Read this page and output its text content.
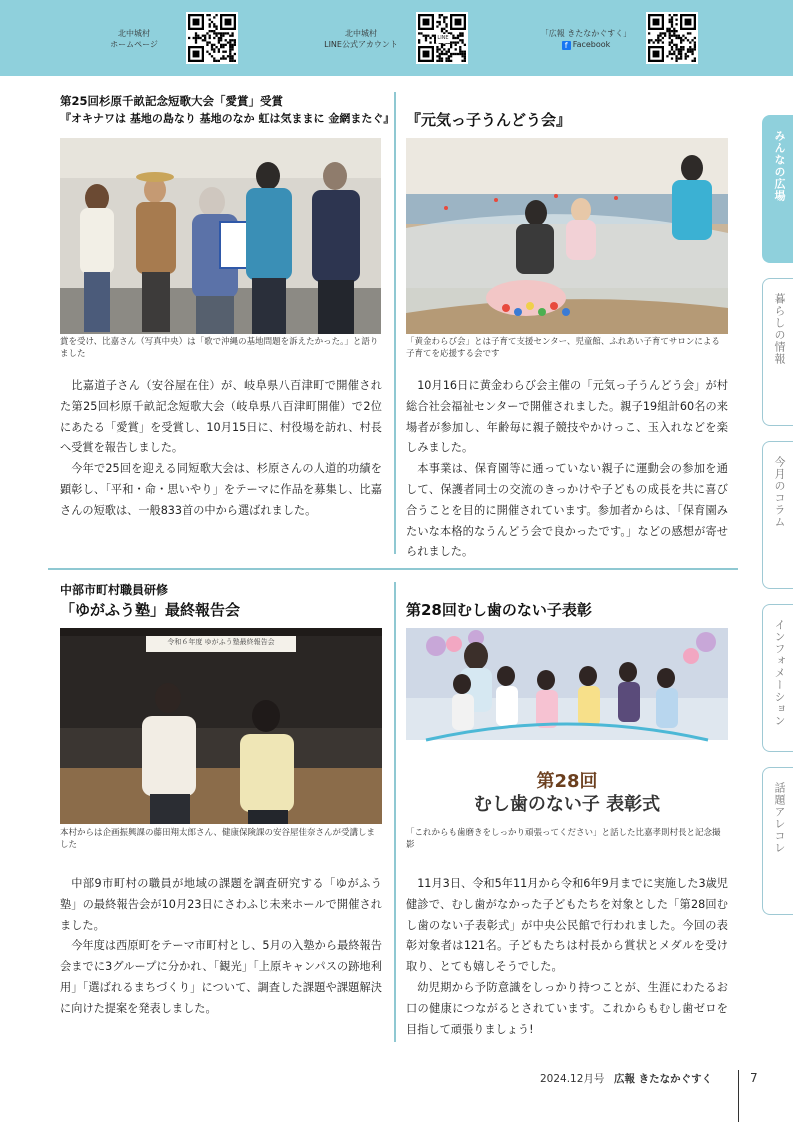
北中城村
ホームページ
北中城村
LINE公式アカウント
LINE	「広報 きたなかぐすく」
f Facebook
第25回杉原千畝記念短歌大会「愛賞」受賞
『オキナワは 基地の島なり 基地のなか 虹は気ままに 金網またぐ』
賞を受け、比嘉さん（写真中央）は「歌で沖縄の基地問題を訴えたかった。」と語りました

比嘉道子さん（安谷屋在住）が、岐阜県八百津町で開催された第25回杉原千畝記念短歌大会（岐阜県八百津町開催）で2位にあたる「愛賞」を受賞し、10月15日に、村役場を訪れ、村長へ受賞を報告しました。

今年で25回を迎える同短歌大会は、杉原さんの人道的功績を顕彰し、「平和・命・思いやり」をテーマに作品を募集し、比嘉さんの短歌は、一般833首の中から選ばれました。

『元気っ子うんどう会』
「黄金わらび会」とは子育て支援センター、児童館、ふれあい子育てサロンによる子育てを応援する会です

10月16日に黄金わらび会主催の「元気っ子うんどう会」が村総合社会福祉センターで開催されました。親子19組計60名の来場者が参加し、年齢毎に親子競技やかけっこ、玉入れなどを楽しみました。

本事業は、保育園等に通っていない親子に運動会の参加を通して、保護者同士の交流のきっかけや子どもの成長を共に喜び合うことを目的に開催されています。参加者からは、「保育園みたいな本格的なうんどう会で良かったです。」などの感想が寄せられました。

中部市町村職員研修
「ゆがふう塾」最終報告会
令和６年度 ゆがふう塾最終報告会
本村からは企画振興課の藤田翔太郎さん、健康保険課の安谷屋佳奈さんが受講しました

中部9市町村の職員が地域の課題を調査研究する「ゆがふう塾」の最終報告会が10月23日にさわふじ未来ホールで開催されました。

今年度は西原町をテーマ市町村とし、5月の入塾から最終報告会までに3グループに分かれ、「観光」「上原キャンパスの跡地利用」「選ばれるまちづくり」について、調査した課題や課題解決に向けた提案を発表しました。

第28回むし歯のない子表彰
第28回
むし歯のない子 表彰式
「これからも歯磨きをしっかり頑張ってください」と話した比嘉孝則村長と記念撮影

11月3日、令和5年11月から令和6年9月までに実施した3歳児健診で、むし歯がなかった子どもたちを対象とした「第28回むし歯のない子表彰式」が中央公民館で行われました。今回の表彰対象者は121名。子どもたちは村長から賞状とメダルを受け取り、とても嬉しそうでした。

幼児期から予防意識をしっかり持つことが、生涯にわたるお口の健康につながるとされています。これからもむし歯ゼロを目指して頑張りましょう!

みんなの広場
暮らしの情報
今月のコラム
インフォメーション
話題アレコレ
2024.12月号 広報 きたなかぐすく	7
